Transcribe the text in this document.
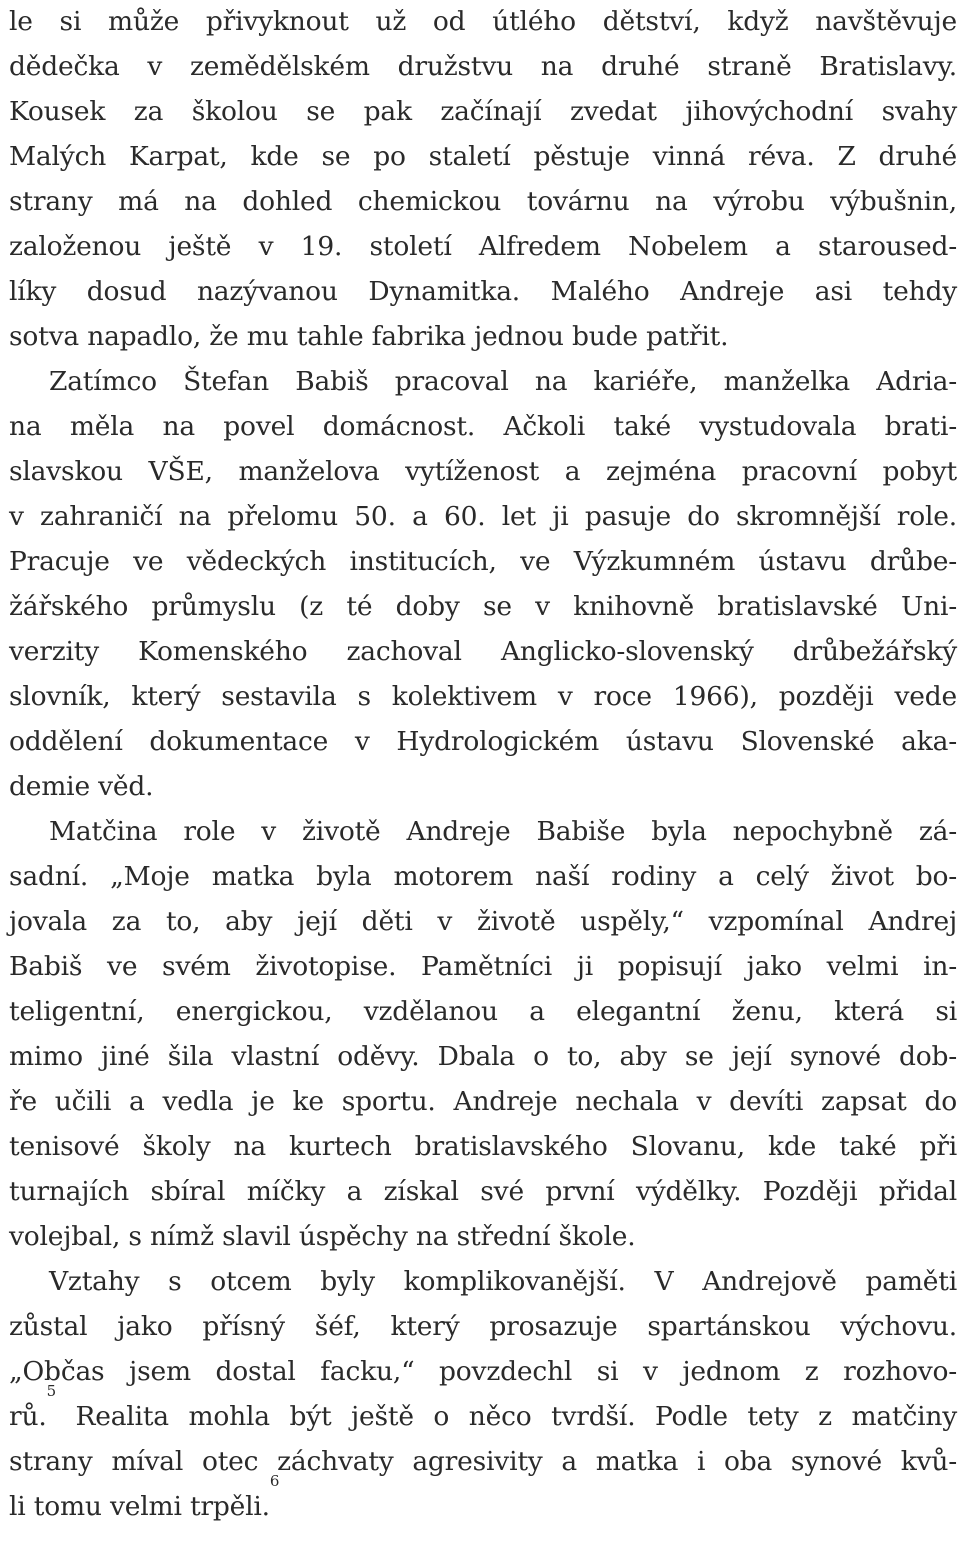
le si může přivyknout už od útlého dětství, když navštěvuje
dědečka v zemědělském družstvu na druhé straně Bratislavy.
Kousek za školou se pak začínají zvedat jihovýchodní svahy
Malých Karpat, kde se po staletí pěstuje vinná réva. Z druhé
strany má na dohled chemickou továrnu na výrobu výbušnin,
založenou ještě v 19. století Alfredem Nobelem a staroused-
líky dosud nazývanou Dynamitka. Malého Andreje asi tehdy
sotva napadlo, že mu tahle fabrika jednou bude patřit.
Zatímco Štefan Babiš pracoval na kariéře, manželka Adria-
na měla na povel domácnost. Ačkoli také vystudovala brati-
slavskou VŠE, manželova vytíženost a zejména pracovní pobyt
v zahraničí na přelomu 50. a 60. let ji pasuje do skromnější role.
Pracuje ve vědeckých institucích, ve Výzkumném ústavu drůbe-
žářského průmyslu (z té doby se v knihovně bratislavské Uni-
verzity Komenského zachoval Anglicko-slovenský drůbežářský
slovník, který sestavila s kolektivem v roce 1966), později vede
oddělení dokumentace v Hydrologickém ústavu Slovenské aka-
demie věd.
Matčina role v životě Andreje Babiše byla nepochybně zá-
sadní. „Moje matka byla motorem naší rodiny a celý život bo-
jovala za to, aby její děti v životě uspěly,“ vzpomínal Andrej
Babiš ve svém životopise. Pamětníci ji popisují jako velmi in-
teligentní, energickou, vzdělanou a elegantní ženu, která si
mimo jiné šila vlastní oděvy. Dbala o to, aby se její synové dob-
ře učili a vedla je ke sportu. Andreje nechala v devíti zapsat do
tenisové školy na kurtech bratislavského Slovanu, kde také při
turnajích sbíral míčky a získal své první výdělky. Později přidal
volejbal, s nímž slavil úspěchy na střední škole.
Vztahy s otcem byly komplikovanější. V Andrejově paměti
zůstal jako přísný šéf, který prosazuje spartánskou výchovu.
„Občas jsem dostal facku,“ povzdechl si v jednom z rozhovo-
rů.$^5$ Realita mohla být ještě o něco tvrdší. Podle tety z matčiny
strany míval otec záchvaty agresivity a matka i oba synové kvů-
li tomu velmi trpěli.$^6$
